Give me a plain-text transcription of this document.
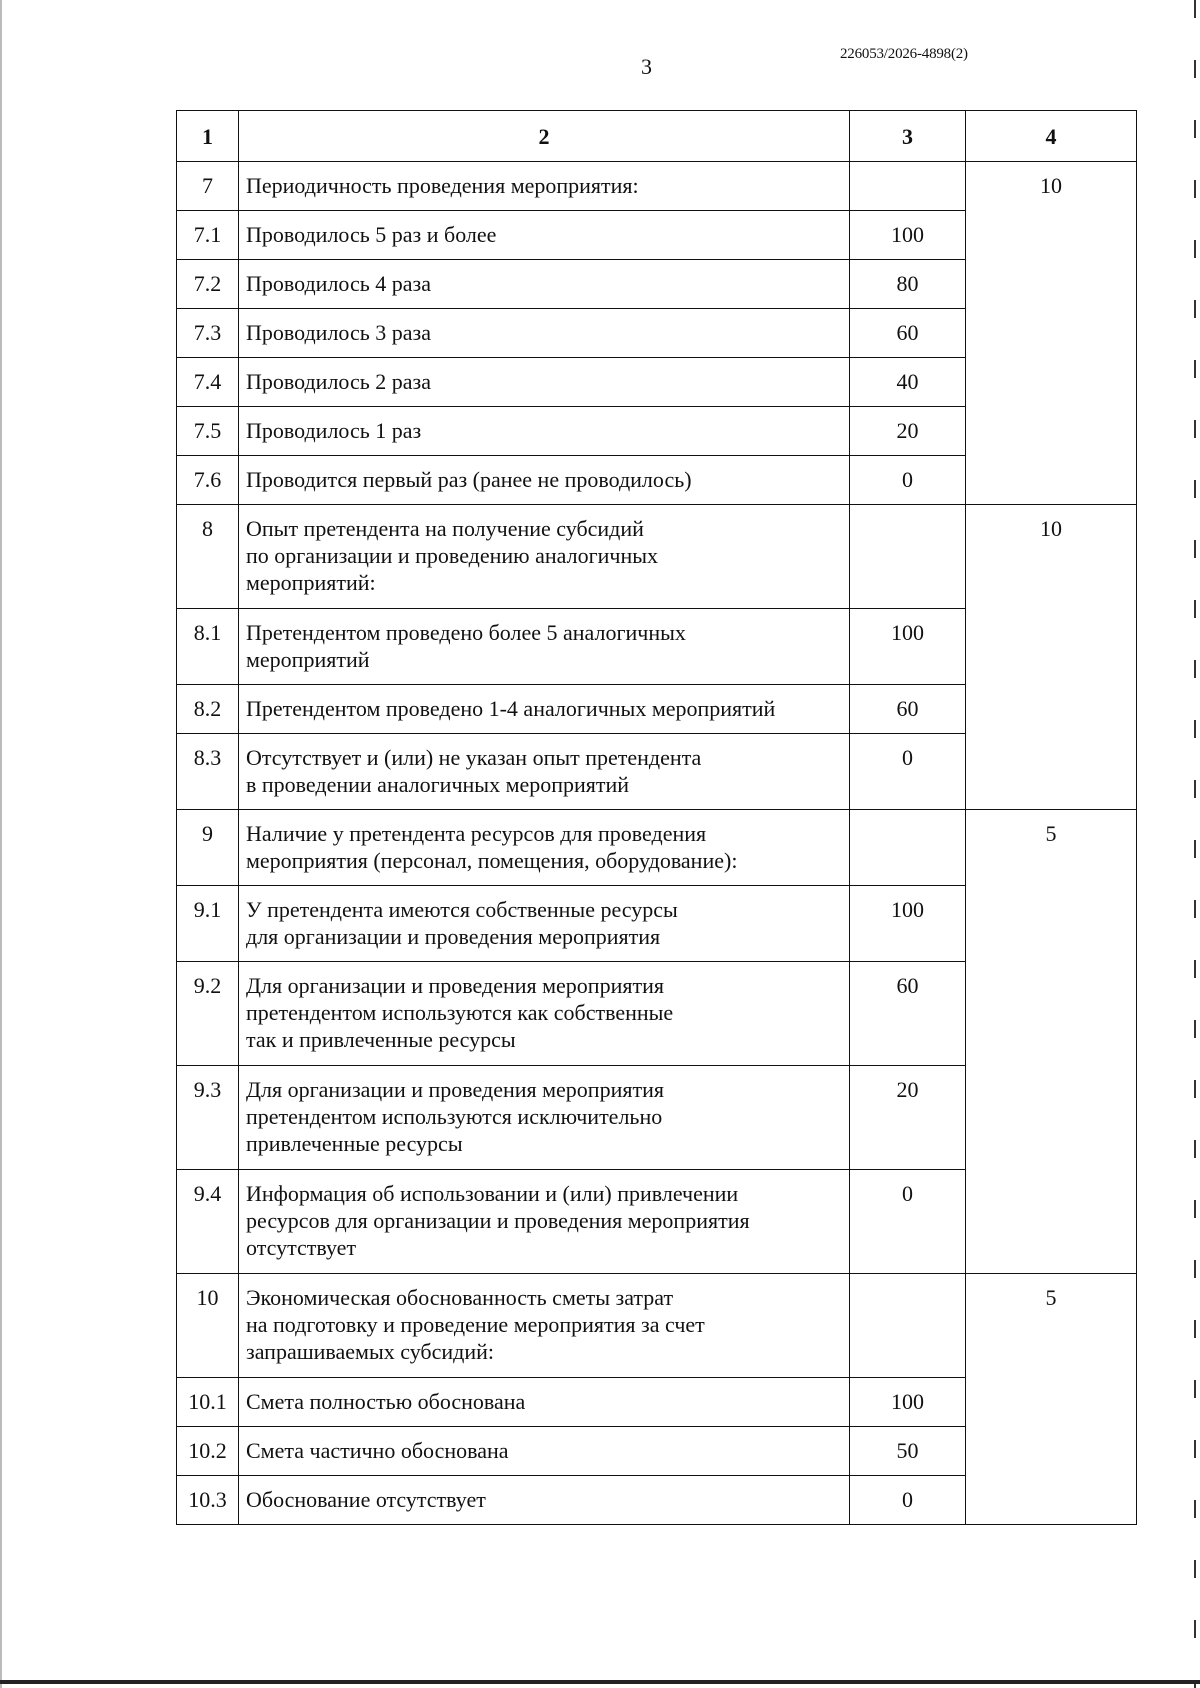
3	226053/2026-4898(2)
1	2	3	4
7	Периодичность проведения мероприятия:		10
7.1	Проводилось 5 раз и более	100	
7.2	Проводилось 4 раза	80	
7.3	Проводилось 3 раза	60	
7.4	Проводилось 2 раза	40	
7.5	Проводилось 1 раз	20	
7.6	Проводится первый раз (ранее не проводилось)	0	
8	Опыт претендента на получение субсидий
по организации и проведению аналогичных
мероприятий:		10
8.1	Претендентом проведено более 5 аналогичных
мероприятий	100	
8.2	Претендентом проведено 1-4 аналогичных мероприятий	60	
8.3	Отсутствует и (или) не указан опыт претендента
в проведении аналогичных мероприятий	0	
9	Наличие у претендента ресурсов для проведения
мероприятия (персонал, помещения, оборудование):		5
9.1	У претендента имеются собственные ресурсы
для организации и проведения мероприятия	100	
9.2	Для организации и проведения мероприятия
претендентом используются как собственные
так и привлеченные ресурсы	60	
9.3	Для организации и проведения мероприятия
претендентом используются исключительно
привлеченные ресурсы	20	
9.4	Информация об использовании и (или) привлечении
ресурсов для организации и проведения мероприятия
отсутствует	0	
10	Экономическая обоснованность сметы затрат
на подготовку и проведение мероприятия за счет
запрашиваемых субсидий:		5
10.1	Смета полностью обоснована	100	
10.2	Смета частично обоснована	50	
10.3	Обоснование отсутствует	0	
